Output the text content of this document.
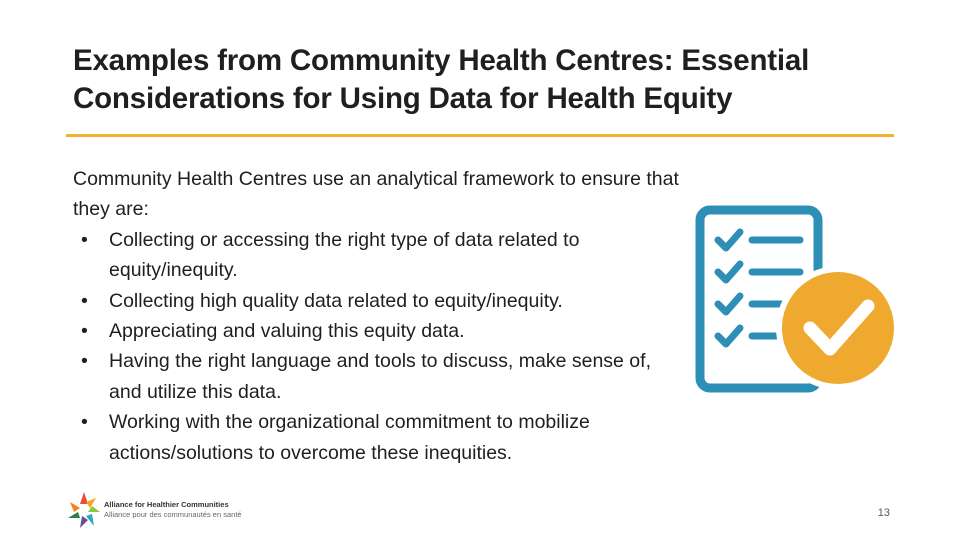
Examples from Community Health Centres: Essential Considerations for Using Data for Health Equity
Community Health Centres use an analytical framework to ensure that they are:
• Collecting or accessing the right type of data related to equity/inequity.
• Collecting high quality data related to equity/inequity.
• Appreciating and valuing this equity data.
• Having the right language and tools to discuss, make sense of, and utilize this data.
• Working with the organizational commitment to mobilize actions/solutions to overcome these inequities.
Alliance for Healthier Communities
Alliance pour des communautés en santé	13
